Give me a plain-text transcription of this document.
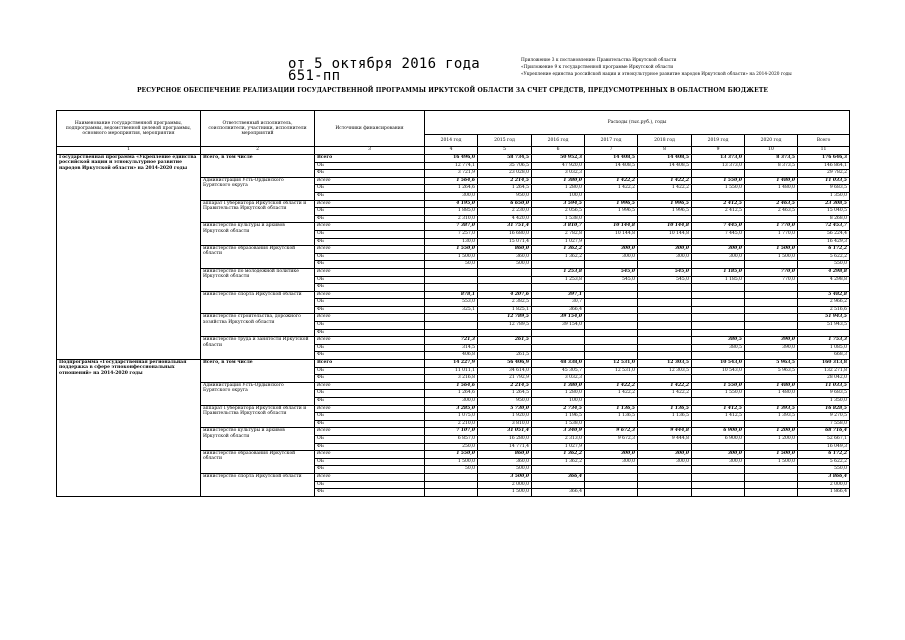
от 5 октября 2016 года
651-пп
Приложение 3 к постановлению Правительства Иркутской области
«Приложение 9 к государственной программе Иркутской области
«Укрепление единства российской нации и этнокультурное развитие народов Иркутской области» на 2014-2020 годы
РЕСУРСНОЕ ОБЕСПЕЧЕНИЕ РЕАЛИЗАЦИИ ГОСУДАРСТВЕННОЙ ПРОГРАММЫ ИРКУТСКОЙ ОБЛАСТИ ЗА СЧЕТ СРЕДСТВ, ПРЕДУСМОТРЕННЫХ В ОБЛАСТНОМ БЮДЖЕТЕ
Наименование государственной программы, подпрограммы, ведомственной целевой программы, основного мероприятия, мероприятия	Ответственный исполнитель, соисполнители, участники, исполнители мероприятий	Источники финансирования	Расходы (тыс.руб.), годы							
			2014 год	2015 год	2016 год	2017 год	2018 год	2019 год	2020 год	Всего
1	2	3	4	5	6	7	8	9	10	11
Государственная программа «Укрепление единства российской нации и этнокультурное развитие народов Иркутской области» на 2014-2020 годы	Всего, в том числе	Всего	16 496,0	58 734,5	50 952,3	14 408,5	14 408,5	13 373,0	8 373,5	176 646,3
		ОБ	12 774,1	35 706,5	47 920,0	14 408,5	14 408,5	13 373,0	8 373,5	146 864,1
		ФБ	3 721,9	23 028,0	3 032,3					29 782,2
	Администрация Усть-Ордынского Бурятского округа	Всего	1 564,6	2 214,5	1 380,0	1 422,2	1 422,2	1 550,0	1 480,0	11 033,5
		ОБ	1 264,6	1 264,5	1 280,0	1 422,2	1 422,2	1 550,0	1 480,0	9 683,5
		ФБ	300,0	950,0	100,0					1 350,0
	аппарат Губернатора Иркутской области и Правительства Иркутской области	Всего	4 195,0	6 650,0	3 594,5	1 996,5	1 996,5	2 412,5	2 463,5	23 308,5
		ОБ	1 885,0	2 230,0	2 056,5	1 996,5	1 996,5	2 412,5	2 463,5	15 040,5
		ФБ	2 310,0	4 420,0	1 538,0					8 268,0
	министерство культуры и архивов Иркутской области	Всего	7 387,0	31 751,4	3 810,7	10 144,8	10 144,8	7 445,0	1 770,0	72 453,7
		ОБ	7 257,0	16 680,0	2 782,8	10 144,8	10 144,8	7 445,0	1 770,0	56 224,4
		ФБ	130,0	15 071,4	1 027,9					16 429,3
	министерство образования Иркутской области	Всего	1 550,0	860,0	1 362,2	300,0	300,0	300,0	1 500,0	6 172,2
		ОБ	1 500,0	360,0	1 362,2	300,0	300,0	300,0	1 500,0	5 622,2
		ФБ	50,0	500,0						550,0
	министерство по молодежной политике Иркутской области	Всего			1 253,8	545,0	545,0	1 185,0	770,0	4 298,8
		ОБ			1 253,8	545,0	545,0	1 185,0	770,0	4 298,8
		ФБ								
	министерство спорта Иркутской области	Всего	878,1	4 207,6	397,1					5 482,8
		ОБ	553,0	2 382,5	30,7					2 966,2
		ФБ	325,1	1 825,1	366,4					2 516,6
	министерство строительства, дорожного хозяйства Иркутской области	Всего		12 789,5	39 154,0					51 943,5
		ОБ		12 789,5	39 154,0					51 943,5
		ФБ								
	министерство труда и занятости Иркутской области	Всего	721,3	261,5				380,5	390,0	1 753,3
		ОБ	314,5					380,5	390,0	1 085,0
		ФБ	406,8	261,5						668,3
Подпрограмма «Государственная региональная поддержка в сфере этноконфессиональных отношений» на 2014-2020 годы	Всего, в том числе	Всего	14 227,9	56 406,9	48 338,0	12 531,0	12 303,5	10 543,0	5 963,5	160 313,8
		ОБ	11 011,1	34 614,0	45 305,7	12 531,0	12 303,5	10 543,0	5 963,5	132 271,8
		ФБ	3 216,8	21 792,9	3 032,3					28 042,0
	Администрация Усть-Ордынского Бурятского округа	Всего	1 564,6	2 214,5	1 380,0	1 422,2	1 422,2	1 550,0	1 480,0	11 033,5
		ОБ	1 264,6	1 264,5	1 280,0	1 422,2	1 422,2	1 550,0	1 480,0	9 683,5
		ФБ	300,0	950,0	100,0					1 350,0
	аппарат Губернатора Иркутской области и Правительства Иркутской области	Всего	3 285,0	5 730,0	2 734,5	1 136,5	1 136,5	1 412,5	1 393,5	16 828,5
		ОБ	1 075,0	1 920,0	1 196,5	1 136,5	1 136,5	1 412,5	1 393,5	9 270,5
		ФБ	2 210,0	3 810,0	1 538,0					7 558,0
	министерство культуры и архивов Иркутской области	Всего	7 107,0	31 051,4	3 340,9	9 672,3	9 444,8	6 900,0	1 200,0	68 716,4
		ОБ	6 857,0	16 280,0	2 313,0	9 672,3	9 444,8	6 900,0	1 200,0	52 667,1
		ФБ	250,0	14 771,4	1 027,9					16 049,3
	министерство образования Иркутской области	Всего	1 550,0	860,0	1 362,2	300,0	300,0	300,0	1 500,0	6 172,2
		ОБ	1 500,0	360,0	1 362,2	300,0	300,0	300,0	1 500,0	5 622,2
		ФБ	50,0	500,0						550,0
	министерство спорта Иркутской области	Всего		3 500,0	366,4					3 866,4
		ОБ		2 000,0						2 000,0
		ФБ		1 500,0	366,4					1 866,4
